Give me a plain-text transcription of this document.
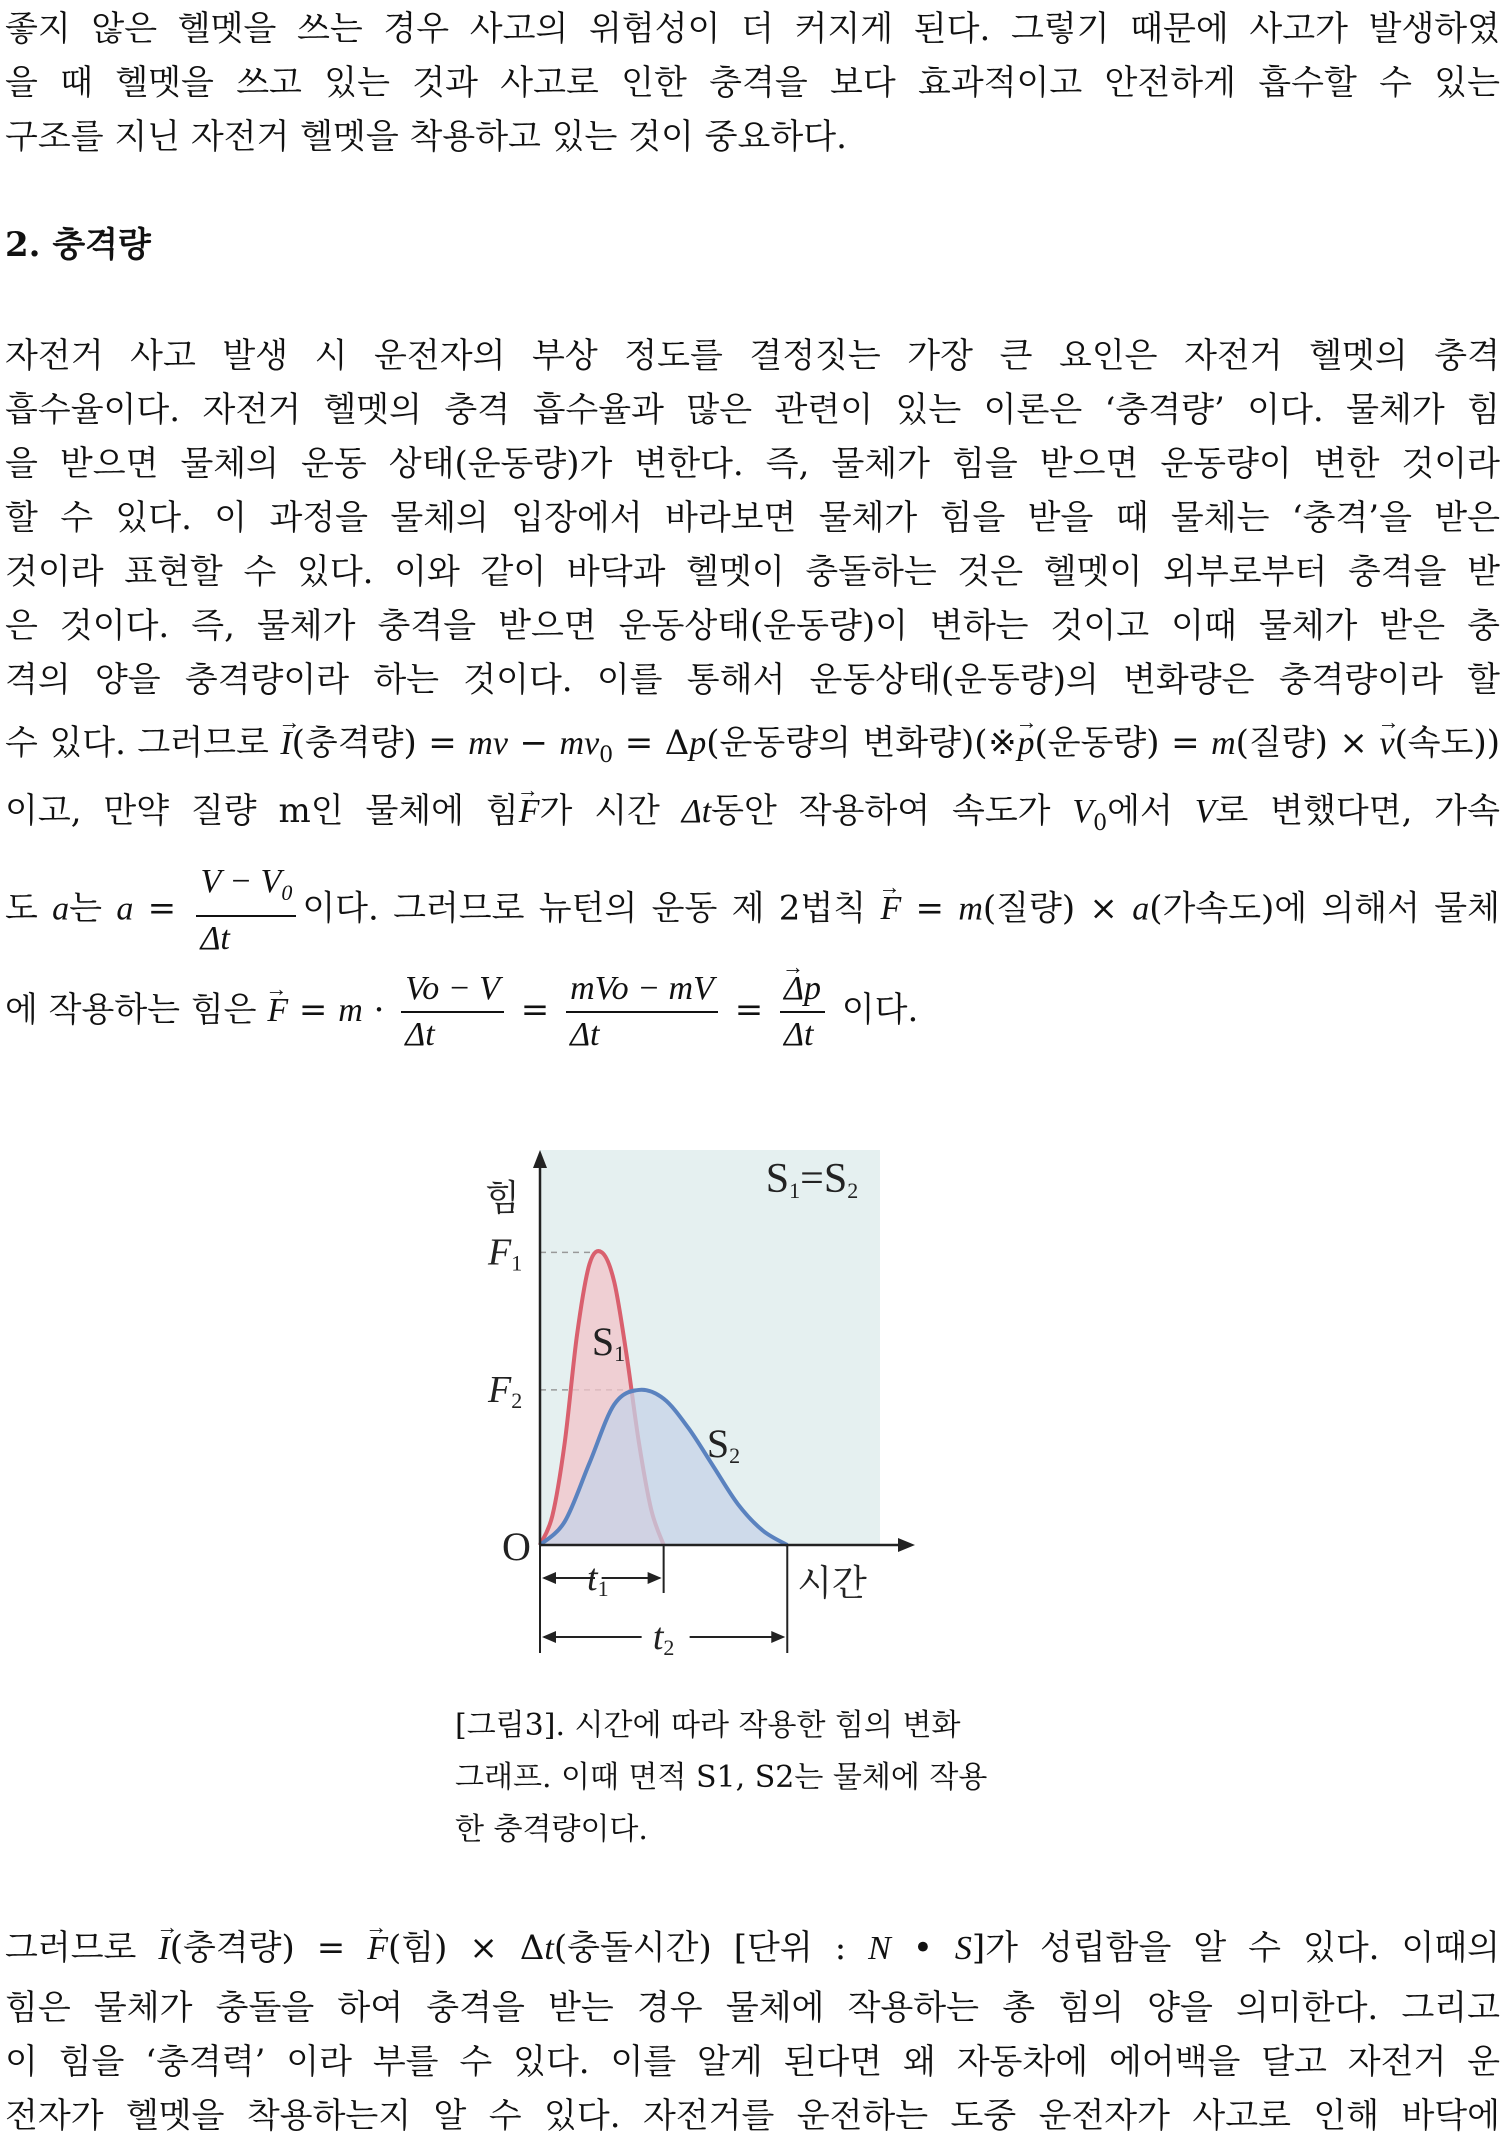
좋지 않은 헬멧을 쓰는 경우 사고의 위험성이 더 커지게 된다. 그렇기 때문에 사고가 발생하였
을 때 헬멧을 쓰고 있는 것과 사고로 인한 충격을 보다 효과적이고 안전하게 흡수할 수 있는
구조를 지닌 자전거 헬멧을 착용하고 있는 것이 중요하다.
2. 충격량
자전거 사고 발생 시 운전자의 부상 정도를 결정짓는 가장 큰 요인은 자전거 헬멧의 충격
흡수율이다. 자전거 헬멧의 충격 흡수율과 많은 관련이 있는 이론은 ‘충격량’ 이다. 물체가 힘
을 받으면 물체의 운동 상태(운동량)가 변한다. 즉, 물체가 힘을 받으면 운동량이 변한 것이라
할 수 있다. 이 과정을 물체의 입장에서 바라보면 물체가 힘을 받을 때 물체는 ‘충격’을 받은
것이라 표현할 수 있다. 이와 같이 바닥과 헬멧이 충돌하는 것은 헬멧이 외부로부터 충격을 받
은 것이다. 즉, 물체가 충격을 받으면 운동상태(운동량)이 변하는 것이고 이때 물체가 받은 충
격의 양을 충격량이라 하는 것이다. 이를 통해서 운동상태(운동량)의 변화량은 충격량이라 할
수 있다. 그러므로 → I(충격량) = mv − $mv_0 = \Delta p$(운동량의 변화량)(※→ p(운동량) = m(질량) × → v(속도))
이고, 만약 질량 m인 물체에 힘→ F가 시간 Δt동안 작용하여 속도가 $V_0$에서 V로 변했다면, 가속
도 a는 $a = \frac{V - V_0}{\Delta t}$ 이다. 그러므로 뉴턴의 운동 제 2법칙 → F = m(질량) × a(가속도)에 의해서 물체
에 작용하는 힘은 → $F = m \cdot \frac{Vo - V}{\Delta t} = \frac{\text{mVo − mV}}{\Delta t}$ = → $\frac{\Delta p}{\Delta t}$ 이다.
F1
F2
S1
S2
S1=S2
힘
O
시간
t1
t2
[그림3]. 시간에 따라 작용한 힘의 변화
그래프. 이때 면적 S1, S2는 물체에 작용
한 충격량이다.
그러므로 → I(충격량) = → F(힘) × Δt(충돌시간) [단위 : N • S]가 성립함을 알 수 있다. 이때의
힘은 물체가 충돌을 하여 충격을 받는 경우 물체에 작용하는 총 힘의 양을 의미한다. 그리고
이 힘을 ‘충격력’ 이라 부를 수 있다. 이를 알게 된다면 왜 자동차에 에어백을 달고 자전거 운
전자가 헬멧을 착용하는지 알 수 있다. 자전거를 운전하는 도중 운전자가 사고로 인해 바닥에
